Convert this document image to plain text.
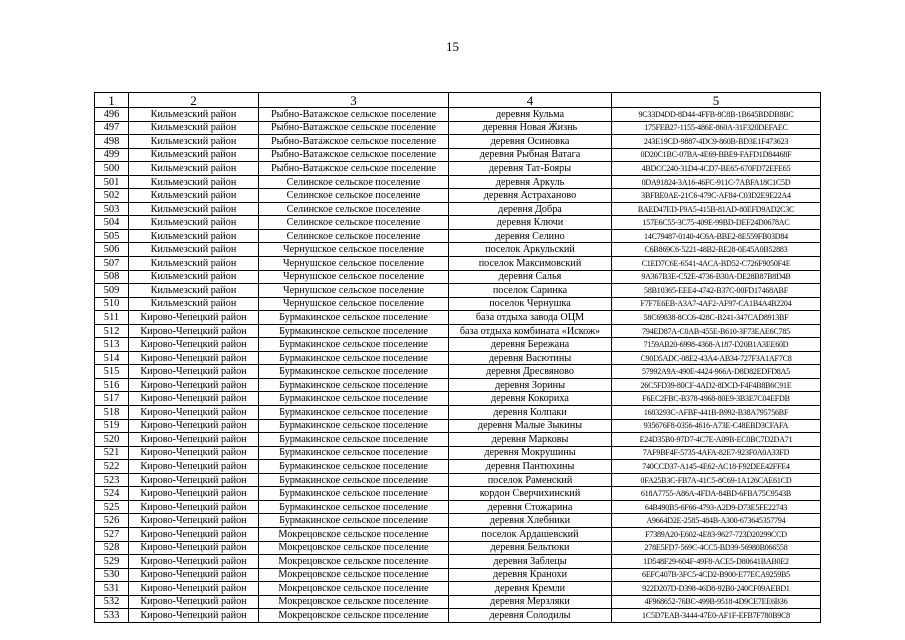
15
1	2	3	4	5
496	Кильмезский район	Рыбно-Ватажское сельское поселение	деревня Кульма	9C33D4DD-8D44-4FFB-8C8B-1B645BDDB8BC
497	Кильмезский район	Рыбно-Ватажское сельское поселение	деревня Новая Жизнь	175FEB27-1155-486E-860A-31F320DEFAEC
498	Кильмезский район	Рыбно-Ватажское сельское поселение	деревня Осиновка	243E19CD-9887-4DC9-860B-BD3E1F473623
499	Кильмезский район	Рыбно-Ватажское сельское поселение	деревня Рыбная Ватага	0D20C1BC-07BA-4E69-BBE9-FAFD1D84468F
500	Кильмезский район	Рыбно-Ватажское сельское поселение	деревня Тат-Бояры	4BDCC240-31D4-4CD7-BE65-670FD72EFE65
501	Кильмезский район	Селинское сельское поселение	деревня Аркуль	0DA91824-3A16-46FC-911C-7ABFA18C1C5D
502	Кильмезский район	Селинское сельское поселение	деревня Астраханово	3BFBE0AE-21C6-479C-AF84-C03D2E9E22A4
503	Кильмезский район	Селинское сельское поселение	деревня Добра	BAED47ED-F9A5-415B-81AD-80EFD9AD2C3C
504	Кильмезский район	Селинское сельское поселение	деревня Ключи	157E6C55-3C75-409E-99BD-DEF24D0678AC
505	Кильмезский район	Селинское сельское поселение	деревня Селино	14C79487-0140-4C6A-BBE2-8E559FB03D84
506	Кильмезский район	Чернушское сельское поселение	поселок Аркульский	C6B869C6-5221-48B2-BE28-0E45A0B52883
507	Кильмезский район	Чернушское сельское поселение	поселок Максимовский	C1ED7C6E-6541-4ACA-BD52-C726F9050F4E
508	Кильмезский район	Чернушское сельское поселение	деревня Салья	9A367B3E-C52E-4736-B30A-DE28B87B8D4B
509	Кильмезский район	Чернушское сельское поселение	поселок Саринка	58B10365-EEE4-4742-B37C-00FD17468ABF
510	Кильмезский район	Чернушское сельское поселение	поселок Чернушка	F7F7E6EB-A3A7-4AF2-AF97-CA1B4A4B2204
511	Кирово-Чепецкий район	Бурмакинское сельское поселение	база отдыха завода ОЦМ	58C69838-8CC6-428C-B241-347CAD8913BF
512	Кирово-Чепецкий район	Бурмакинское сельское поселение	база отдыха комбината «Искож»	794ED87A-C0AB-455E-B610-3F73EAE6C785
513	Кирово-Чепецкий район	Бурмакинское сельское поселение	деревня Бережана	7159AB20-6998-4368-A187-D20B1A3EE60D
514	Кирово-Чепецкий район	Бурмакинское сельское поселение	деревня Васютины	C90D5ADC-08E2-43A4-AB34-727F3A1AF7C8
515	Кирово-Чепецкий район	Бурмакинское сельское поселение	деревня Дресвяново	57992A9A-490E-4424-966A-D8D82EDFD8A5
516	Кирово-Чепецкий район	Бурмакинское сельское поселение	деревня Зорины	26C5FD39-80CF-4AD2-8DCD-F4F4B8B6C91E
517	Кирово-Чепецкий район	Бурмакинское сельское поселение	деревня Кокорихa	F6EC2FBC-B378-4968-80E9-3B3E7C04EFDB
518	Кирово-Чепецкий район	Бурмакинское сельское поселение	деревня Колпаки	1683293C-AFBF-441B-B992-B38A795756BF
519	Кирово-Чепецкий район	Бурмакинское сельское поселение	деревня Малые Зыкины	935676F8-0356-4616-A73E-C48EBD3CFAFA
520	Кирово-Чепецкий район	Бурмакинское сельское поселение	деревня Марковы	E24D35B0-97D7-4C7E-A09B-EC0BC7D2DA71
521	Кирово-Чепецкий район	Бурмакинское сельское поселение	деревня Мокрушины	7AF9BF4F-5735-4AFA-82E7-923F0A0A33FD
522	Кирово-Чепецкий район	Бурмакинское сельское поселение	деревня Пантюхины	740CCD37-A145-4E62-AC18-F92DEE42FFE4
523	Кирово-Чепецкий район	Бурмакинское сельское поселение	поселок Раменский	0FA25B3C-FB7A-41C5-8C69-1A126CAE61CD
524	Кирово-Чепецкий район	Бурмакинское сельское поселение	кордон Сверчихинский	618A7755-A86A-4FDA-84BD-6FBA75C9543B
525	Кирово-Чепецкий район	Бурмакинское сельское поселение	деревня Стожаринa	64B490B5-6F66-4793-A2D9-D73E5FE22743
526	Кирово-Чепецкий район	Бурмакинское сельское поселение	деревня Хлебники	A9664D2E-2585-484B-A300-673645357794
527	Кирово-Чепецкий район	Мокрецовское сельское поселение	поселок Ардашевский	F7389A20-E602-4E83-9627-723D20299CCD
528	Кирово-Чепецкий район	Мокрецовское сельское поселение	деревня Бельтюки	278E5FD7-569C-4CC5-BD39-56980B066558
529	Кирово-Чепецкий район	Мокрецовское сельское поселение	деревня Заблецы	1D548F29-604F-49F8-ACE5-D80641BAB0E2
530	Кирово-Чепецкий район	Мокрецовское сельское поселение	деревня Кранохи	6EFC407B-3FC5-4CD2-B900-E77ECA9259B5
531	Кирово-Чепецкий район	Мокрецовское сельское поселение	деревня Кремли	922D207D-D398-46D8-92B0-240CF09AEBD1
532	Кирово-Чепецкий район	Мокрецовское сельское поселение	деревня Мерзляки	4F968652-76BC-499B-9518-4D9CE7EE6B36
533	Кирово-Чепецкий район	Мокрецовское сельское поселение	деревня Солодилы	1C5D7EAB-3444-47E0-AF1F-EFB7F780B9C8
